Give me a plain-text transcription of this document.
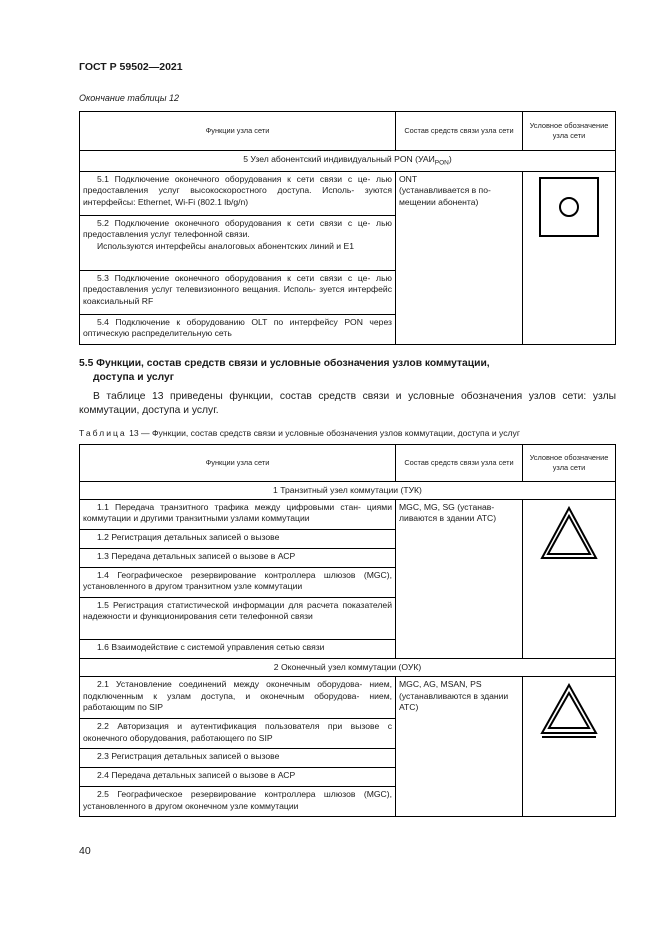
ГОСТ Р 59502—2021
Окончание таблицы 12
Функции узла сети	Состав средств связи узла сети	Условное обозначение узла сети
5 Узел абонентский индивидуальный PON $(УАИ_{PON})$		
5.1 Подключение оконечного оборудования к сети связи с це- лью предоставления услуг высокоскоростного доступа. Исполь- зуются интерфейсы: Ethernet, Wi-Fi (802.1 lb/g/n)	ONT
(устанавливается в по- мещении абонента)

5.2 Подключение оконечного оборудования к сети связи с це- лью предоставления услуг телефонной связи.

Используются интерфейсы аналоговых абонентских линий и E1		

5.3 Подключение оконечного оборудования к сети связи с це- лью предоставления услуг телевизионного вещания. Исполь- зуется интерфейс коаксиальный RF		
5.4 Подключение к оборудованию OLT по интерфейсу PON через оптическую распределительную сеть		
5.5 Функции, состав средств связи и условные обозначения узлов коммутации,
доступа и услуг
В таблице 13 приведены функции, состав средств связи и условные обозначения узлов сети: узлы коммутации, доступа и услуг.
Таблица 13 — Функции, состав средств связи и условные обозначения узлов коммутации, доступа и услуг
Функции узла сети	Состав средств связи узла сети	Условное обозначение узла сети
1 Транзитный узел коммутации (ТУК)		
1.1 Передача транзитного трафика между цифровыми стан- циями коммутации и другими транзитными узлами коммутации	MGC, MG, SG (устанав- ливаются в здании АТС)	
1.2 Регистрация детальных записей о вызове		
1.3 Передача детальных записей о вызове в АСР		
1.4 Географическое резервирование контроллера шлюзов (MGC), установленного в другом транзитном узле коммутации		
1.5 Регистрация статистической информации для расчета показателей надежности и функционирования сети телефонной связи		
1.6 Взаимодействие с системой управления сетью связи		
2 Оконечный узел коммутации (ОУК)		
2.1 Установление соединений между оконечным оборудова- нием, подключенным к узлам доступа, и оконечным оборудова- нием, работающим по SIP	MGC, AG, MSAN, PS (устанавливаются в здании АТС)	
2.2 Авторизация и аутентификация пользователя при вызове с оконечного оборудования, работающего по SIP		
2.3 Регистрация детальных записей о вызове		
2.4 Передача детальных записей о вызове в АСР		
2.5 Географическое резервирование контроллера шлюзов (MGC), установленного в другом оконечном узле коммутации		
40
